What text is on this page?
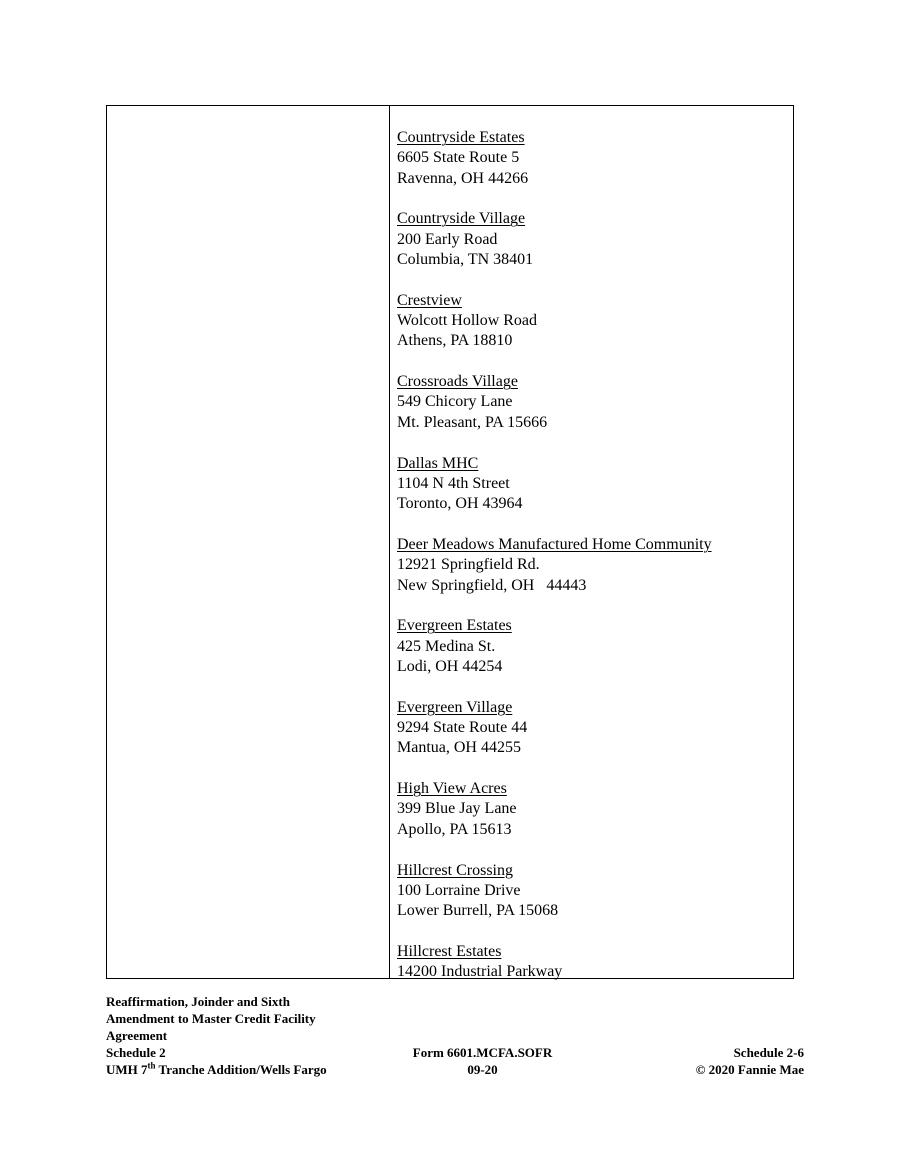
Countryside Estates
6605 State Route 5
Ravenna, OH 44266
Countryside Village
200 Early Road
Columbia, TN 38401
Crestview
Wolcott Hollow Road
Athens, PA 18810
Crossroads Village
549 Chicory Lane
Mt. Pleasant, PA 15666
Dallas MHC
1104 N 4th Street
Toronto, OH 43964
Deer Meadows Manufactured Home Community
12921 Springfield Rd.
New Springfield, OH   44443
Evergreen Estates
425 Medina St.
Lodi, OH 44254
Evergreen Village
9294 State Route 44
Mantua, OH 44255
High View Acres
399 Blue Jay Lane
Apollo, PA 15613
Hillcrest Crossing
100 Lorraine Drive
Lower Burrell, PA 15068
Hillcrest Estates
14200 Industrial Parkway
Reaffirmation, Joinder and Sixth
Amendment to Master Credit Facility
Agreement
Schedule 2
UMH 7th Tranche Addition/Wells Fargo
Form 6601.MCFA.SOFR
09-20
Schedule 2-6
© 2020 Fannie Mae
